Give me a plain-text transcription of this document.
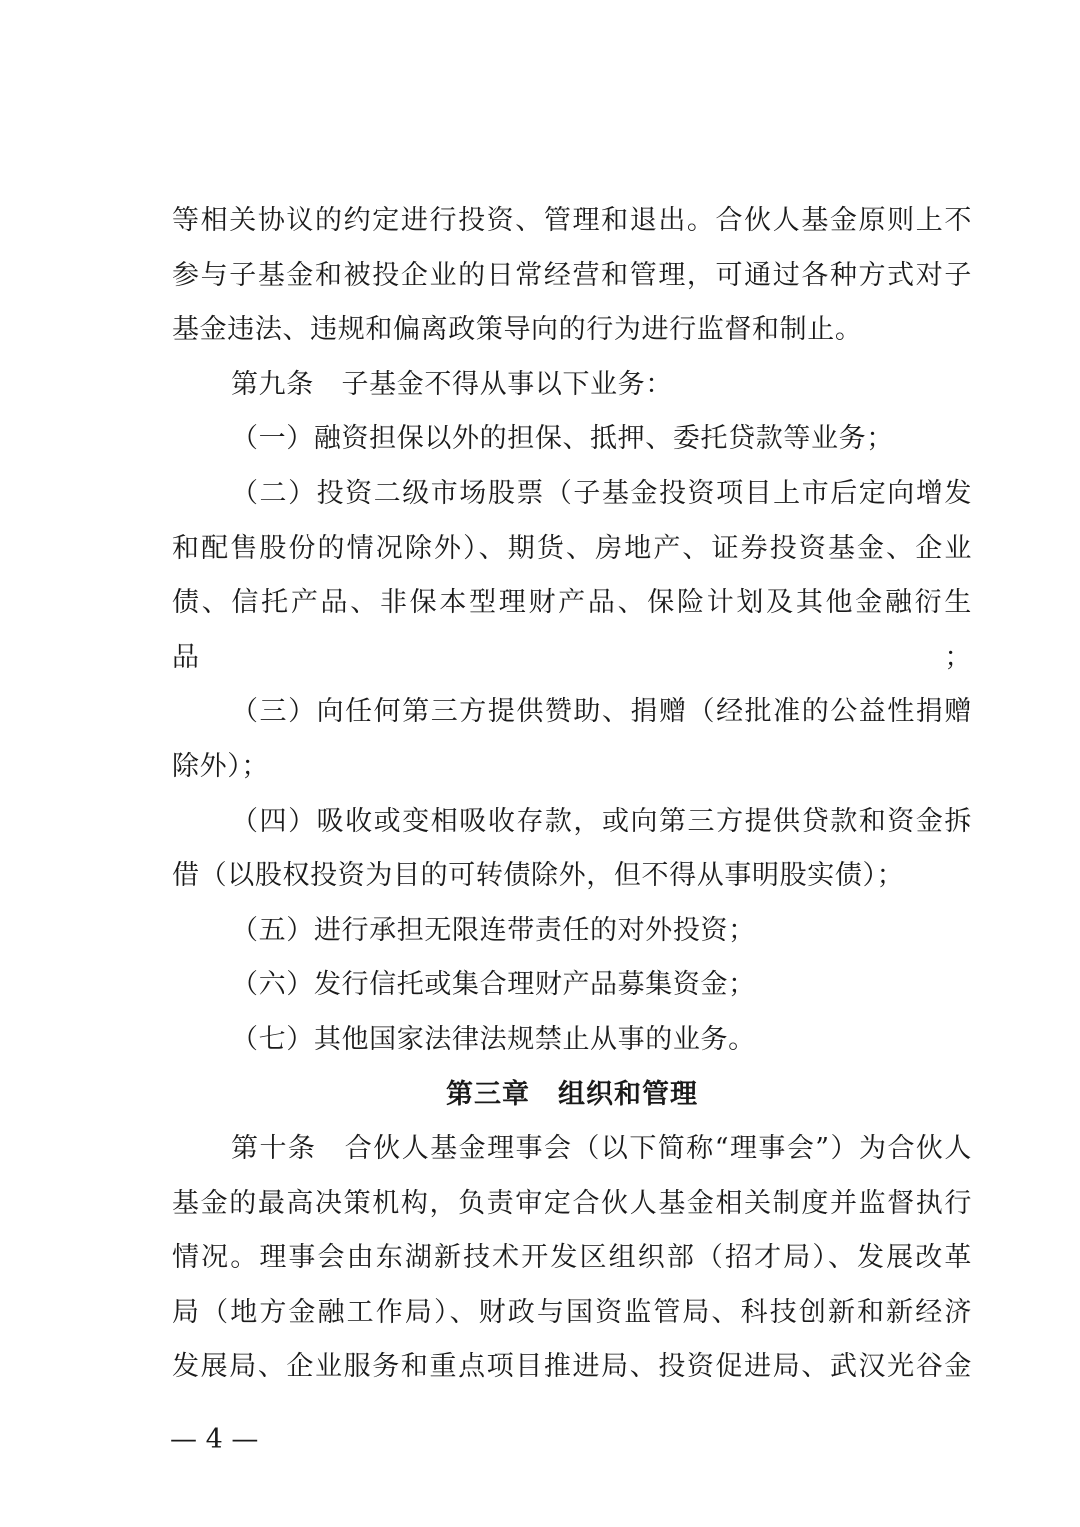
等相关协议的约定进行投资、管理和退出。合伙人基金原则上不
参与子基金和被投企业的日常经营和管理，可通过各种方式对子
基金违法、违规和偏离政策导向的行为进行监督和制止。

第九条　子基金不得从事以下业务：

（一）融资担保以外的担保、抵押、委托贷款等业务；

（二）投资二级市场股票（子基金投资项目上市后定向增发
和配售股份的情况除外）、期货、房地产、证券投资基金、企业
债、信托产品、非保本型理财产品、保险计划及其他金融衍生品；

（三）向任何第三方提供赞助、捐赠（经批准的公益性捐赠
除外）；

（四）吸收或变相吸收存款，或向第三方提供贷款和资金拆
借（以股权投资为目的可转债除外，但不得从事明股实债）；

（五）进行承担无限连带责任的对外投资；

（六）发行信托或集合理财产品募集资金；

（七）其他国家法律法规禁止从事的业务。

第三章　组织和管理

第十条　合伙人基金理事会（以下简称“理事会”）为合伙人
基金的最高决策机构，负责审定合伙人基金相关制度并监督执行
情况。理事会由东湖新技术开发区组织部（招才局）、发展改革
局（地方金融工作局）、财政与国资监管局、科技创新和新经济
发展局、企业服务和重点项目推进局、投资促进局、武汉光谷金

— 4 —
